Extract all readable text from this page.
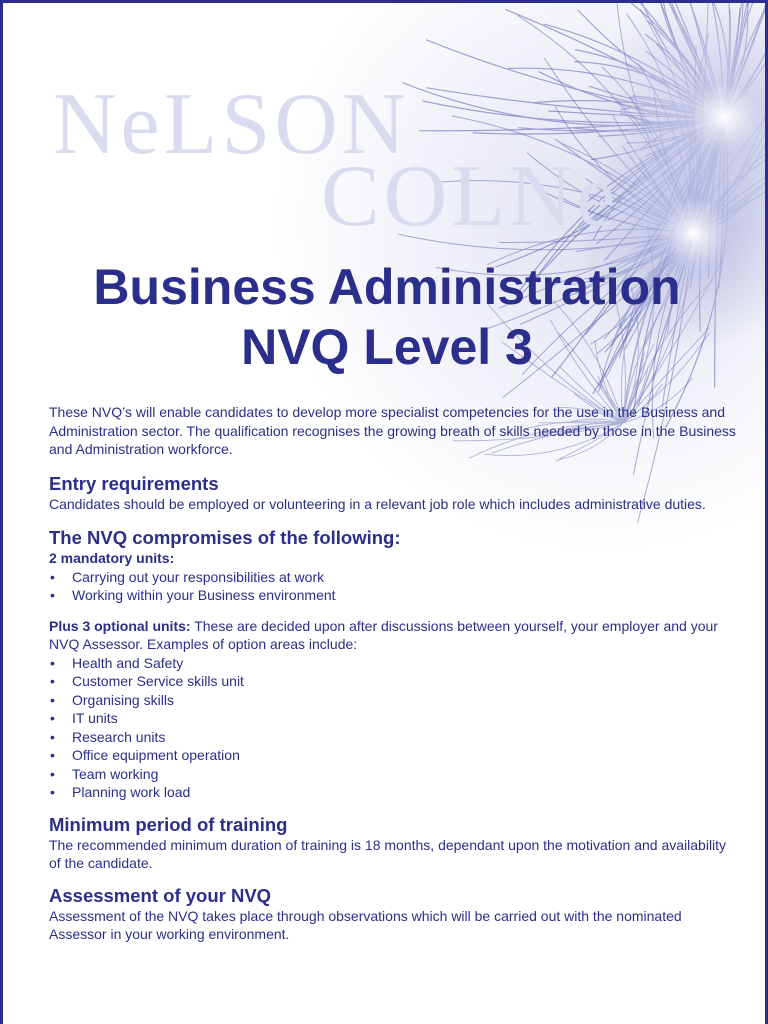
NeLSON
COLNe
Business Administration
NVQ Level 3

These NVQ’s will enable candidates to develop more specialist competencies for the use in the Business and Administration sector. The qualification recognises the growing breath of skills needed by those in the Business and Administration workforce.

Entry requirements

Candidates should be employed or volunteering in a relevant job role which includes administrative duties.

The NVQ compromises of the following:
2 mandatory units:
• Carrying out your responsibilities at work
• Working within your Business environment

Plus 3 optional units: These are decided upon after discussions between yourself, your employer and your NVQ Assessor. Examples of option areas include:

• Health and Safety
• Customer Service skills unit
• Organising skills
• IT units
• Research units
• Office equipment operation
• Team working
• Planning work load
Minimum period of training

The recommended minimum duration of training is 18 months, dependant upon the motivation and availability of the candidate.

Assessment of your NVQ

Assessment of the NVQ takes place through observations which will be carried out with the nominated Assessor in your working environment.
